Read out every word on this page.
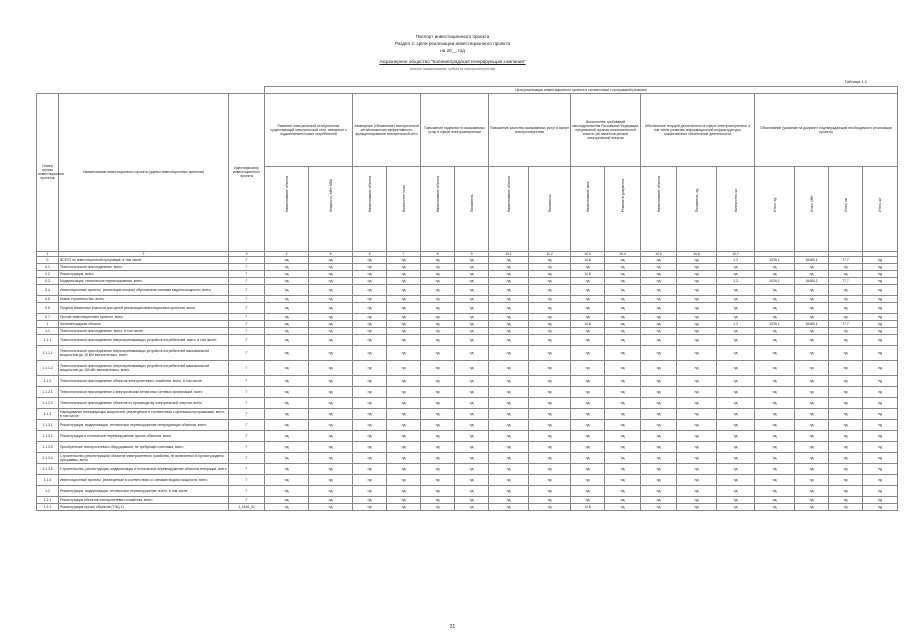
Паспорт инвестиционного проекта
Раздел 2. Цели реализации инвестиционного проекта
на 20__ год
Акционерное общество "Калининградская генерирующая компания"
полное наименование субъекта электроэнергетики
Таблица 1.1
			Цели реализации инвестиционного проекта в соответствии с программой развития																
Номер группы инвестиционных проектов	Наименование инвестиционного проекта (группы инвестиционных проектов)	Идентификатор инвестиционного проекта	Развитие электрической сети/усиление существующей электрической сети, связанное с подключением новых потребителей		Замещение (обновление) электрической сети/повышение эффективности функционирования электрической сети		Повышение надежности оказываемых услуг в сфере электроэнергетики		Повышение качества оказываемых услуг в сфере электроэнергетики		Выполнение требований законодательства Российской Федерации, предписаний органов исполнительной власти, регламентов рынков электрической энергии		Обеспечение текущей деятельности в сфере электроэнергетики, в том числе развитие информационной инфраструктуры, хозяйственное обеспечение деятельности			Обоснование (указание на документ, подтверждающий необходимость реализации проекта)			
			Наименование объекта	Мощность, МВт/ МВА	Наименование объекта	Количество точек	Наименование объекта	Показатель	Наименование объекта	Показатель	Наименование акта	Реквизиты документа	Наименование объекта	Показатель, ед.	Количество, шт.	Итого, ед.	Итого, МВт	Итого, км	Итого, шт
1	2	3	4	5	6	7	8	9	10.1	10.2	10.3	10.4	10.5	10.6	10.7				
0	ВСЕГО по инвестиционной программе, в том числе:	Г	нд	нд	нд	нд	нд	нд	нд	нд	14,8	нд	нд	нд	1,3	1026,1	16460,1	77,7	нд
0.1	Технологическое присоединение, всего	Г	нд	нд	нд	нд	нд	нд	нд	нд	нд	нд	нд	нд	нд	нд	нд	нд	нд
0.2	Реконструкция, всего	Г	нд	нд	нд	нд	нд	нд	нд	нд	14,8	нд	нд	нд	нд	нд	нд	нд	нд
0.3	Модернизация, техническое перевооружение, всего	Г	нд	нд	нд	нд	нд	нд	нд	нд	нд	нд	нд	нд	1,3	1026,1	16460,1	77,7	нд
0.4	Инвестиционные проекты, реализация которых обусловлена схемами выдачи мощности, всего	Г	нд	нд	нд	нд	нд	нд	нд	нд	нд	нд	нд	нд	нд	нд	нд	нд	нд
0.5	Новое строительство, всего	Г	нд	нд	нд	нд	нд	нд	нд	нд	нд	нд	нд	нд	нд	нд	нд	нд	нд
0.6	Покупка земельных участков для целей реализации инвестиционных проектов, всего	Г	нд	нд	нд	нд	нд	нд	нд	нд	нд	нд	нд	нд	нд	нд	нд	нд	нд
0.7	Прочие инвестиционные проекты, всего	Г	нд	нд	нд	нд	нд	нд	нд	нд	нд	нд	нд	нд	нд	нд	нд	нд	нд
1	Калининградская область	Г	нд	нд	нд	нд	нд	нд	нд	нд	14,8	нд	нд	нд	1,3	1026,1	16460,1	77,7	нд
1.1	Технологическое присоединение, всего, в том числе:	Г	нд	нд	нд	нд	нд	нд	нд	нд	нд	нд	нд	нд	нд	нд	нд	нд	нд
1.1.1	Технологическое присоединение энергопринимающих устройств потребителей, всего, в том числе:	Г	нд	нд	нд	нд	нд	нд	нд	нд	нд	нд	нд	нд	нд	нд	нд	нд	нд
1.1.1.1	Технологическое присоединение энергопринимающих устройств потребителей максимальной мощностью до 15 кВт включительно, всего	Г	нд	нд	нд	нд	нд	нд	нд	нд	нд	нд	нд	нд	нд	нд	нд	нд	нд
1.1.1.2	Технологическое присоединение энергопринимающих устройств потребителей максимальной мощностью до 150 кВт включительно, всего	Г	нд	нд	нд	нд	нд	нд	нд	нд	нд	нд	нд	нд	нд	нд	нд	нд	нд
1.1.2	Технологическое присоединение объектов электросетевого хозяйства, всего, в том числе:	Г	нд	нд	нд	нд	нд	нд	нд	нд	нд	нд	нд	нд	нд	нд	нд	нд	нд
1.1.2.1	Технологическое присоединение к электрическим сетям иных сетевых организаций, всего	Г	нд	нд	нд	нд	нд	нд	нд	нд	нд	нд	нд	нд	нд	нд	нд	нд	нд
1.1.2.2	Технологическое присоединение объектов по производству электрической энергии, всего	Г	нд	нд	нд	нд	нд	нд	нд	нд	нд	нд	нд	нд	нд	нд	нд	нд	нд
1.1.3	Наращивание генерирующих мощностей, реализуемое в соответствии с целевыми программами, всего, в том числе:	Г	нд	нд	нд	нд	нд	нд	нд	нд	нд	нд	нд	нд	нд	нд	нд	нд	нд
1.1.3.1	Реконструкция, модернизация, техническое перевооружение генерирующих объектов, всего	Г	нд	нд	нд	нд	нд	нд	нд	нд	нд	нд	нд	нд	нд	нд	нд	нд	нд
1.1.3.2	Реконструкция и техническое перевооружение прочих объектов, всего	Г	нд	нд	нд	нд	нд	нд	нд	нд	нд	нд	нд	нд	нд	нд	нд	нд	нд
1.1.3.3	Приобретение электросетевого оборудования, не требующего монтажа, всего	Г	нд	нд	нд	нд	нд	нд	нд	нд	нд	нд	нд	нд	нд	нд	нд	нд	нд
1.1.3.4	Строительство (реконструкция) объектов электросетевого хозяйства, не включенных в прочие разделы программы, всего	Г	нд	нд	нд	нд	нд	нд	нд	нд	нд	нд	нд	нд	нд	нд	нд	нд	нд
1.1.3.5	Строительство, реконструкция, модернизация и техническое перевооружение объектов генерации, всего	Г	нд	нд	нд	нд	нд	нд	нд	нд	нд	нд	нд	нд	нд	нд	нд	нд	нд
1.1.4	Инвестиционные проекты, реализуемые в соответствии со схемами выдачи мощности, всего	Г	нд	нд	нд	нд	нд	нд	нд	нд	нд	нд	нд	нд	нд	нд	нд	нд	нд
1.2	Реконструкция, модернизация, техническое перевооружение, всего, в том числе:	Г	нд	нд	нд	нд	нд	нд	нд	нд	нд	нд	нд	нд	нд	нд	нд	нд	нд
1.2.1	Реконструкция объектов электросетевого хозяйства, всего	Г	нд	нд	нд	нд	нд	нд	нд	нд	нд	нд	нд	нд	нд	нд	нд	нд	нд
1.2.1	Реконструкция прочих объектов (ТЭЦ-1)	J_0146_01	нд	нд	нд	нд	нд	нд	нд	нд	14,8	нд	нд	нд	нд	нд	нд	нд	нд
31
